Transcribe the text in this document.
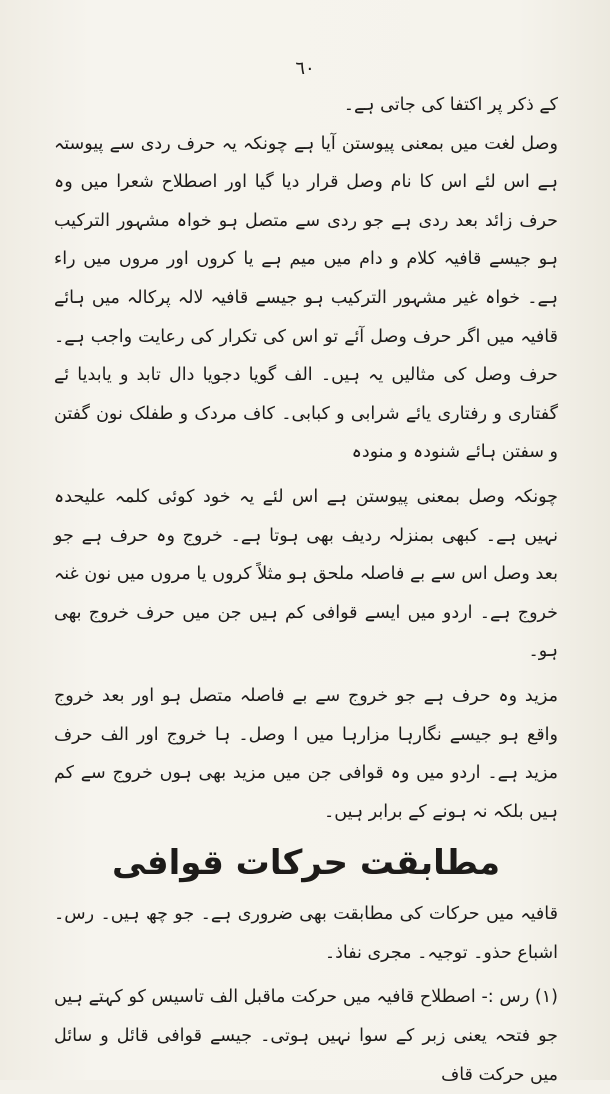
٦٠

کے ذکر پر اکتفا کی جاتی ہے۔

وصل لغت میں بمعنی پیوستن آیا ہے چونکہ یہ حرف ردی سے پیوستہ ہے اس لئے اس کا نام وصل قرار دیا گیا اور اصطلاح شعرا میں وہ حرف زائد بعد ردی ہے جو ردی سے متصل ہو خواہ مشہور الترکیب ہو جیسے قافیہ کلام و دام میں میم ہے یا کروں اور مروں میں راء ہے۔ خواہ غیر مشہور الترکیب ہو جیسے قافیہ لالہ پرکالہ میں ہائے قافیہ میں اگر حرف وصل آئے تو اس کی تکرار کی رعایت واجب ہے۔ حرف وصل کی مثالیں یہ ہیں۔ الف گویا دجویا دال تابد و یابدیا ئے گفتاری و رفتاری یائے شرابی و کبابی۔ کاف مردک و طفلک نون گفتن و سفتن ہائے شنودہ و منودہ

چونکہ وصل بمعنی پیوستن ہے اس لئے یہ خود کوئی کلمہ علیحدہ نہیں ہے۔ کبھی بمنزلہ ردیف بھی ہوتا ہے۔ خروج وہ حرف ہے جو بعد وصل اس سے بے فاصلہ ملحق ہو مثلاً کروں یا مروں میں نون غنہ خروج ہے۔ اردو میں ایسے قوافی کم ہیں جن میں حرف خروج بھی ہو۔

مزید وہ حرف ہے جو خروج سے بے فاصلہ متصل ہو اور بعد خروج واقع ہو جیسے نگارہا مزارہا میں ا وصل۔ ہا خروج اور الف حرف مزید ہے۔ اردو میں وہ قوافی جن میں مزید بھی ہوں خروج سے کم ہیں بلکہ نہ ہونے کے برابر ہیں۔

مطابقت حرکات قوافی

قافیہ میں حرکات کی مطابقت بھی ضروری ہے۔ جو چھ ہیں۔ رس۔ اشباع حذو۔ توجیہ۔ مجری نفاذ۔

(۱) رس :- اصطلاح قافیہ میں حرکت ماقبل الف تاسیس کو کہتے ہیں جو فتحہ یعنی زبر کے سوا نہیں ہوتی۔ جیسے قوافی قائل و سائل میں حرکت قاف
